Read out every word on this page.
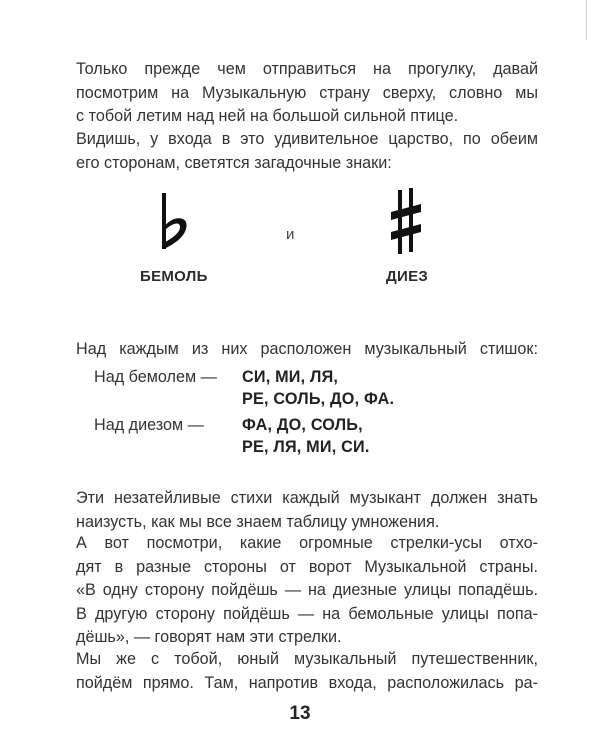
Только прежде чем отправиться на прогулку, давай
посмотрим на Музыкальную страну сверху, словно мы
с тобой летим над ней на большой сильной птице.
Видишь, у входа в это удивительное царство, по обеим
его сторонам, светятся загадочные знаки:
и
БЕМОЛЬ	ДИЕЗ
Над каждым из них расположен музыкальный стишок:
Над бемолем — СИ, МИ, ЛЯ,
РЕ, СОЛЬ, ДО, ФА.
Над диезом — ФА, ДО, СОЛЬ,
РЕ, ЛЯ, МИ, СИ.
Эти незатейливые стихи каждый музыкант должен знать
наизусть, как мы все знаем таблицу умножения.
А вот посмотри, какие огромные стрелки-усы отхо-
дят в разные стороны от ворот Музыкальной страны.
«В одну сторону пойдёшь — на диезные улицы попадёшь.
В другую сторону пойдёшь — на бемольные улицы попа-
дёшь», — говорят нам эти стрелки.
Мы же с тобой, юный музыкальный путешественник,
пойдём прямо. Там, напротив входа, расположилась ра-
13
